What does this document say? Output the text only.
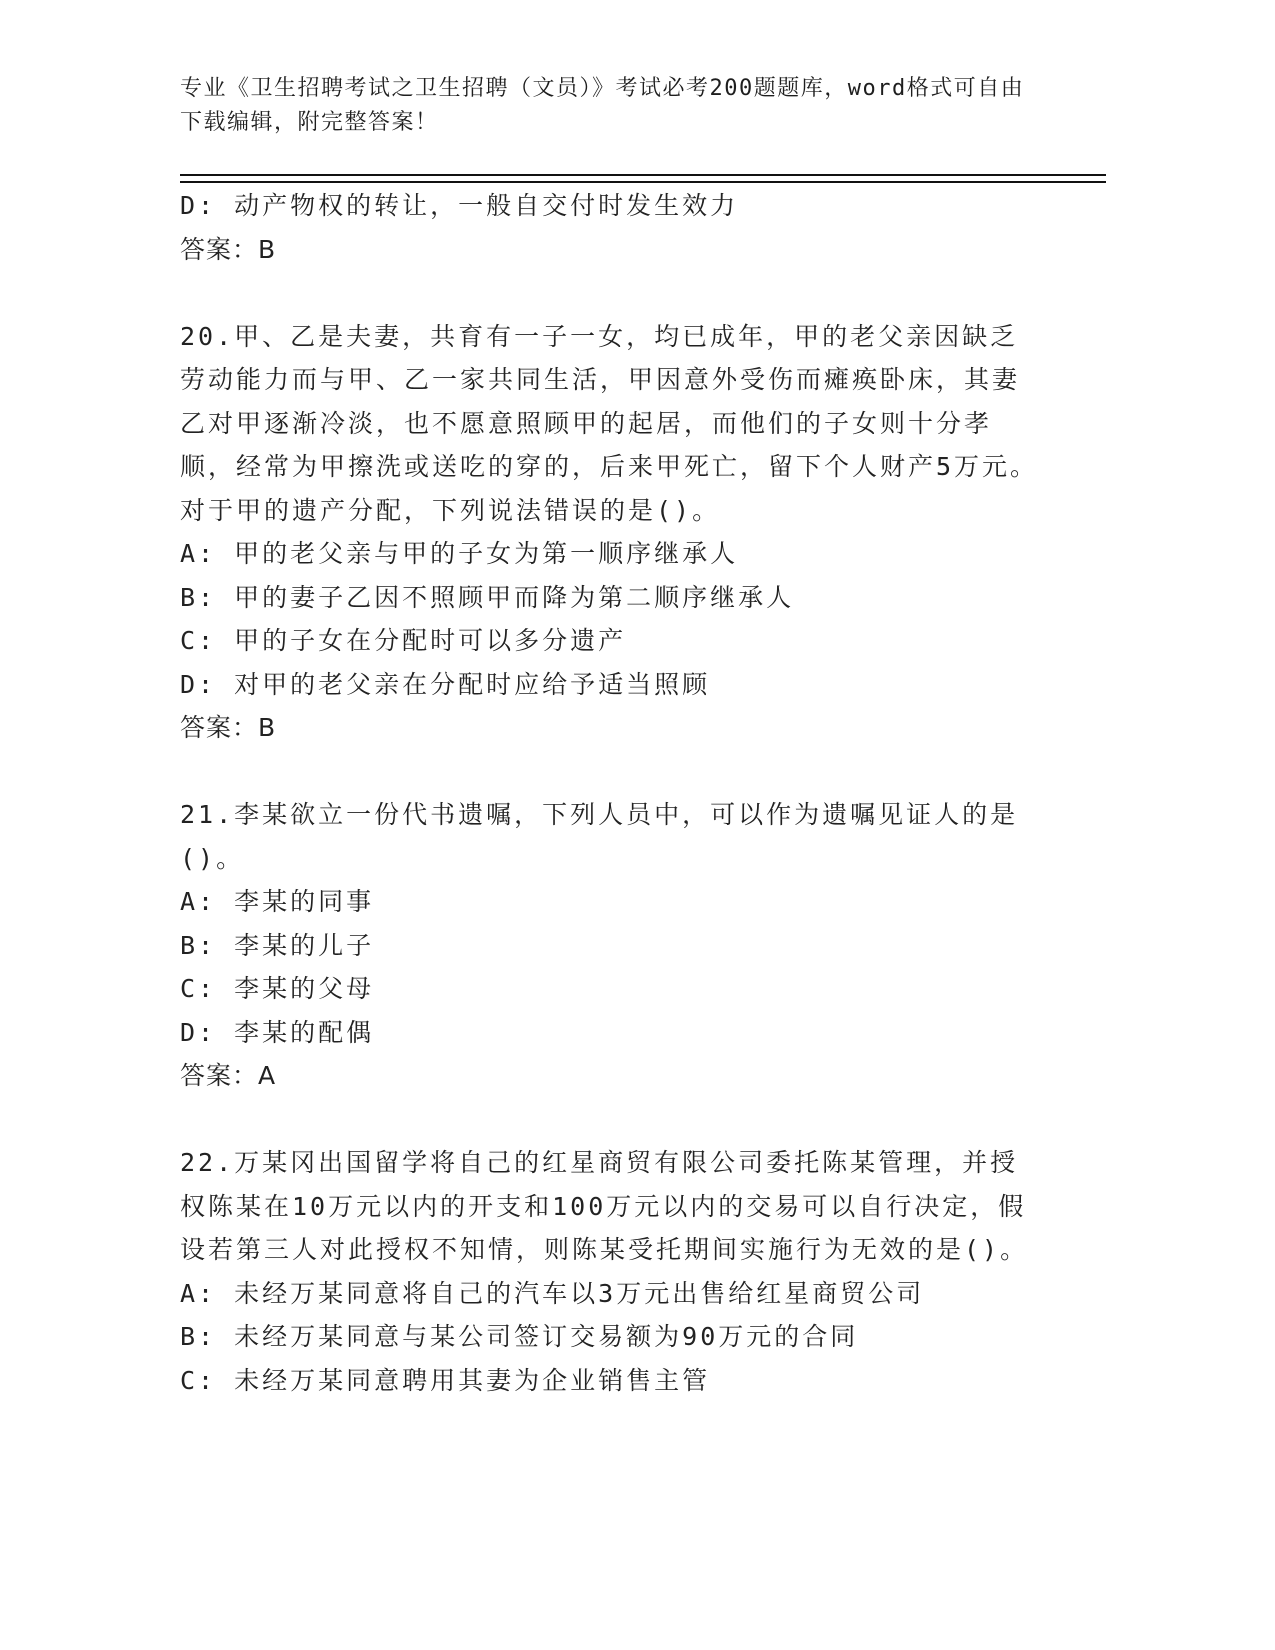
专业《卫生招聘考试之卫生招聘（文员）》考试必考200题题库，word格式可自由下载编辑，附完整答案！
D: 动产物权的转让，一般自交付时发生效力
答案：B
20.甲、乙是夫妻，共育有一子一女，均已成年，甲的老父亲因缺乏劳动能力而与甲、乙一家共同生活，甲因意外受伤而瘫痪卧床，其妻乙对甲逐渐冷淡，也不愿意照顾甲的起居，而他们的子女则十分孝顺，经常为甲擦洗或送吃的穿的，后来甲死亡，留下个人财产5万元。对于甲的遗产分配，下列说法错误的是()。
A: 甲的老父亲与甲的子女为第一顺序继承人
B: 甲的妻子乙因不照顾甲而降为第二顺序继承人
C: 甲的子女在分配时可以多分遗产
D: 对甲的老父亲在分配时应给予适当照顾
答案：B
21.李某欲立一份代书遗嘱，下列人员中，可以作为遗嘱见证人的是()。
A: 李某的同事
B: 李某的儿子
C: 李某的父母
D: 李某的配偶
答案：A
22.万某冈出国留学将自己的红星商贸有限公司委托陈某管理，并授权陈某在10万元以内的开支和100万元以内的交易可以自行决定，假设若第三人对此授权不知情，则陈某受托期间实施行为无效的是()。
A: 未经万某同意将自己的汽车以3万元出售给红星商贸公司
B: 未经万某同意与某公司签订交易额为90万元的合同
C: 未经万某同意聘用其妻为企业销售主管
